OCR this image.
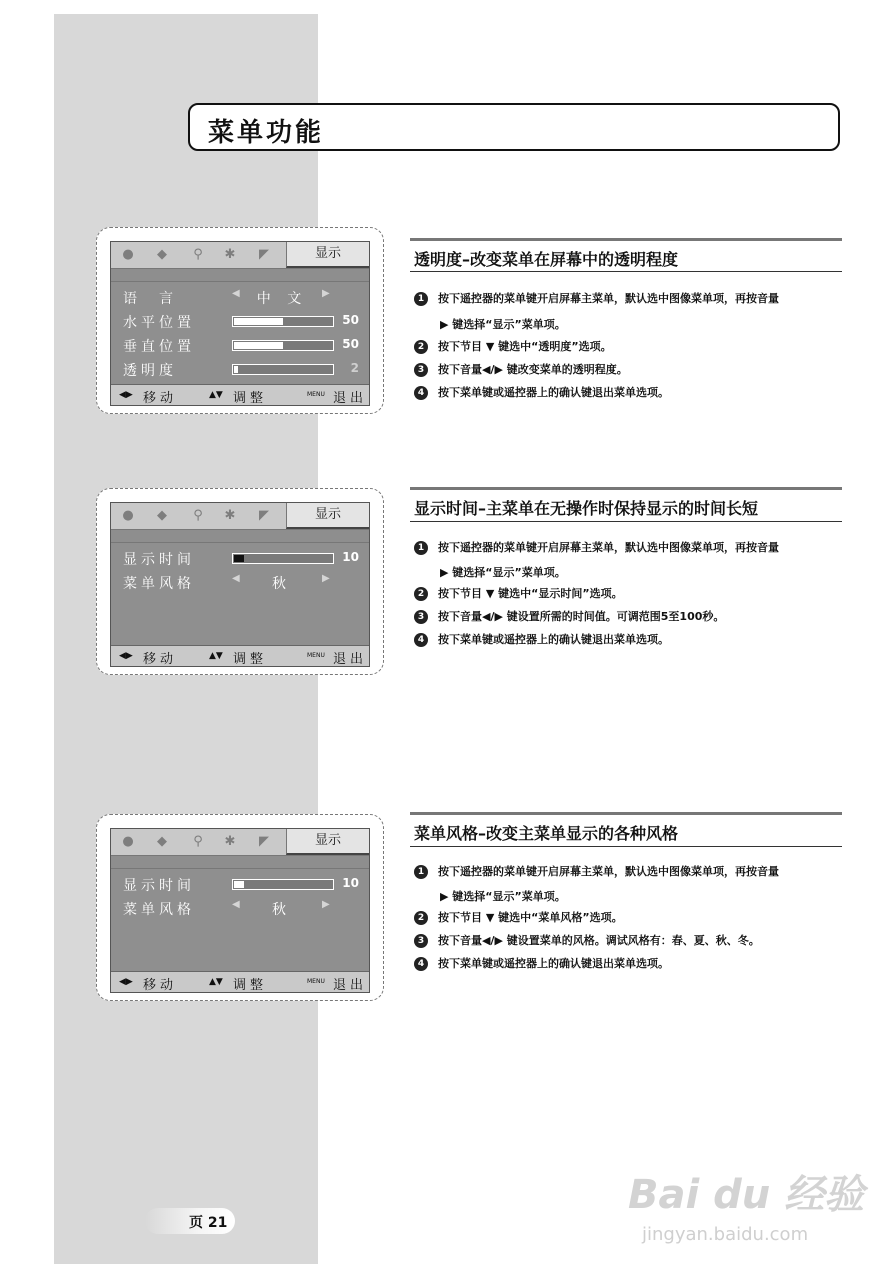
菜单功能
● ◆ ⚲ ✱ ◤	显示
语　言	◀	中 文	▶
水平位置	50
垂直位置	50
透明度	2
◀▶ 移动	▲▼ 调整	MENU 退出
● ◆ ⚲ ✱ ◤	显示
显示时间	10
菜单风格	◀	秋	▶
◀▶ 移动	▲▼ 调整	MENU 退出
● ◆ ⚲ ✱ ◤	显示
显示时间	10
菜单风格	◀	秋	▶
◀▶ 移动	▲▼ 调整	MENU 退出
透明度–改变菜单在屏幕中的透明程度
1 按下遥控器的菜单键开启屏幕主菜单，默认选中图像菜单项，再按音量
▶ 键选择“显示”菜单项。
2 按下节目 ▼ 键选中“透明度”选项。
3 按下音量◀/▶ 键改变菜单的透明程度。
4 按下菜单键或遥控器上的确认键退出菜单选项。
显示时间–主菜单在无操作时保持显示的时间长短
1 按下遥控器的菜单键开启屏幕主菜单，默认选中图像菜单项，再按音量
▶ 键选择“显示”菜单项。
2 按下节目 ▼ 键选中“显示时间”选项。
3 按下音量◀/▶ 键设置所需的时间值。可调范围5至100秒。
4 按下菜单键或遥控器上的确认键退出菜单选项。
菜单风格–改变主菜单显示的各种风格
1 按下遥控器的菜单键开启屏幕主菜单，默认选中图像菜单项，再按音量
▶ 键选择“显示”菜单项。
2 按下节目 ▼ 键选中“菜单风格”选项。
3 按下音量◀/▶ 键设置菜单的风格。调试风格有：春、夏、秋、冬。
4 按下菜单键或遥控器上的确认键退出菜单选项。
页 21
Bai du 经验
jingyan.baidu.com
